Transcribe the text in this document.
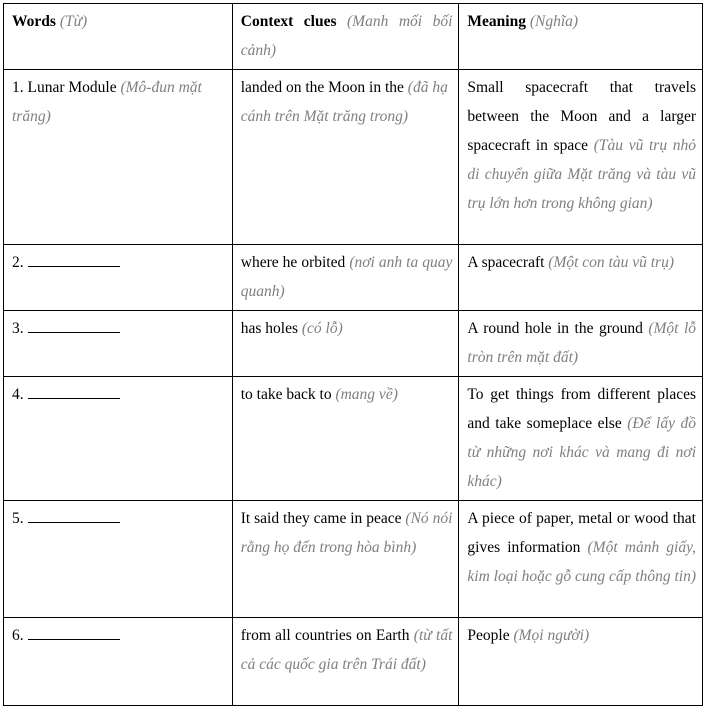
Words (Từ)	Context clues (Manh mối bối cảnh)	Meaning (Nghĩa)
1. Lunar Module (Mô-đun mặt trăng)	landed on the Moon in the (đã hạ cánh trên Mặt trăng trong)	Small spacecraft that travels between the Moon and a larger spacecraft in space (Tàu vũ trụ nhỏ di chuyển giữa Mặt trăng và tàu vũ trụ lớn hơn trong không gian)
2.	where he orbited (nơi anh ta quay quanh)	A spacecraft (Một con tàu vũ trụ)
3.	has holes (có lỗ)	A round hole in the ground (Một lỗ tròn trên mặt đất)
4.	to take back to (mang về)	To get things from different places and take someplace else (Để lấy đồ từ những nơi khác và mang đi nơi khác)
5.	It said they came in peace (Nó nói rằng họ đến trong hòa bình)	A piece of paper, metal or wood that gives information (Một mảnh giấy, kim loại hoặc gỗ cung cấp thông tin)
6.	from all countries on Earth (từ tất cả các quốc gia trên Trái đất)	People (Mọi người)
